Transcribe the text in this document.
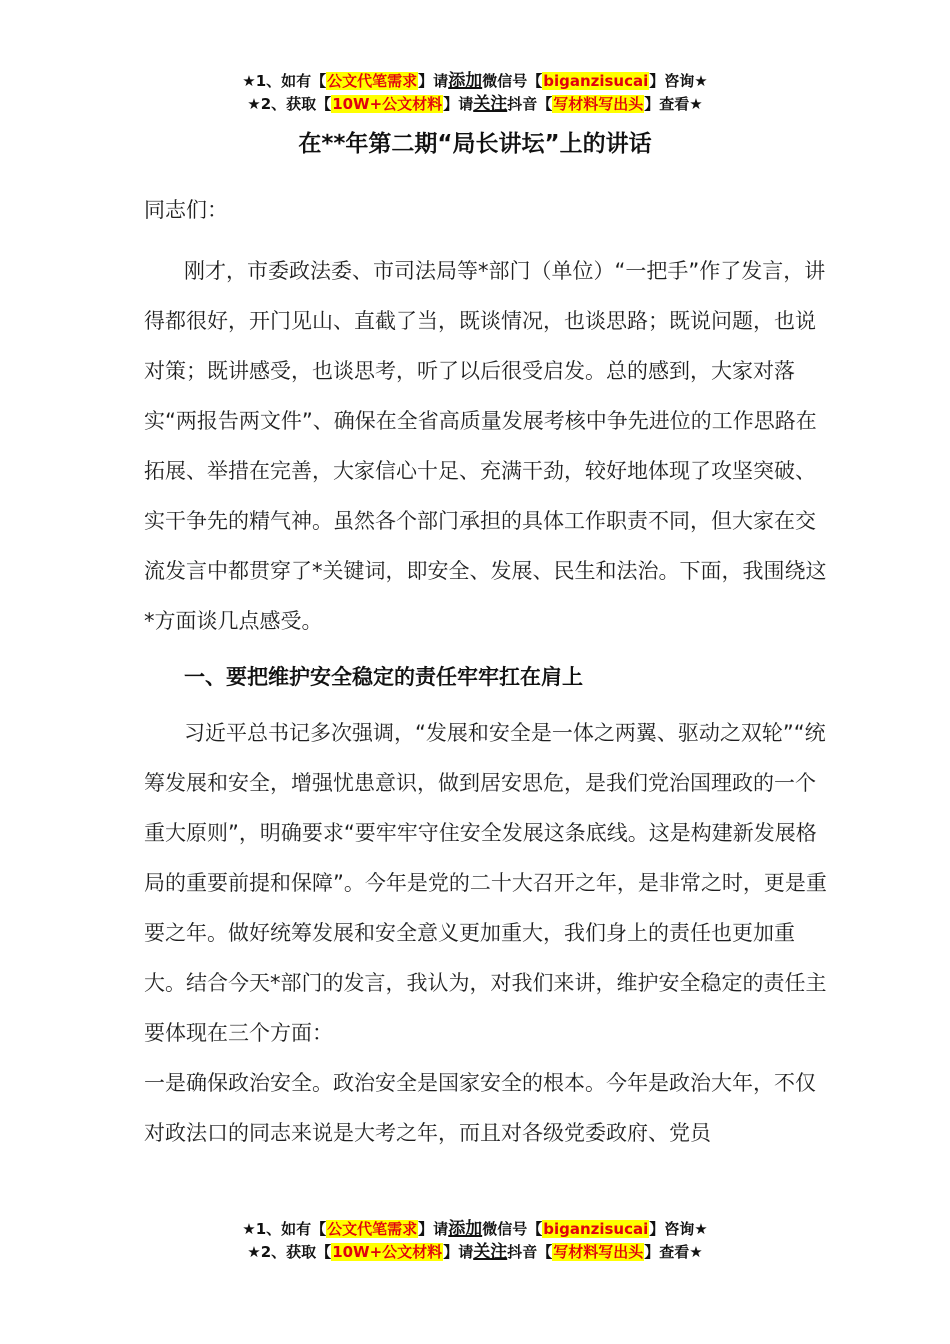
★1、如有【公文代笔需求】请添加微信号【biganzisucai】咨询★
★2、获取【10W+公文材料】请关注抖音【写材料写出头】查看★
在**年第二期“局长讲坛”上的讲话

同志们：

刚才，市委政法委、市司法局等*部门（单位）“一把手”作了发言，讲得都很好，开门见山、直截了当，既谈情况，也谈思路；既说问题，也说对策；既讲感受，也谈思考，听了以后很受启发。总的感到，大家对落实“两报告两文件”、确保在全省高质量发展考核中争先进位的工作思路在拓展、举措在完善，大家信心十足、充满干劲，较好地体现了攻坚突破、实干争先的精气神。虽然各个部门承担的具体工作职责不同，但大家在交流发言中都贯穿了*关键词，即安全、发展、民生和法治。下面，我围绕这*方面谈几点感受。

一、要把维护安全稳定的责任牢牢扛在肩上

习近平总书记多次强调，“发展和安全是一体之两翼、驱动之双轮”“统筹发展和安全，增强忧患意识，做到居安思危，是我们党治国理政的一个重大原则”，明确要求“要牢牢守住安全发展这条底线。这是构建新发展格局的重要前提和保障”。今年是党的二十大召开之年，是非常之时，更是重要之年。做好统筹发展和安全意义更加重大，我们身上的责任也更加重大。结合今天*部门的发言，我认为，对我们来讲，维护安全稳定的责任主要体现在三个方面：

一是确保政治安全。政治安全是国家安全的根本。今年是政治大年，不仅对政法口的同志来说是大考之年，而且对各级党委政府、党员

★1、如有【公文代笔需求】请添加微信号【biganzisucai】咨询★
★2、获取【10W+公文材料】请关注抖音【写材料写出头】查看★
